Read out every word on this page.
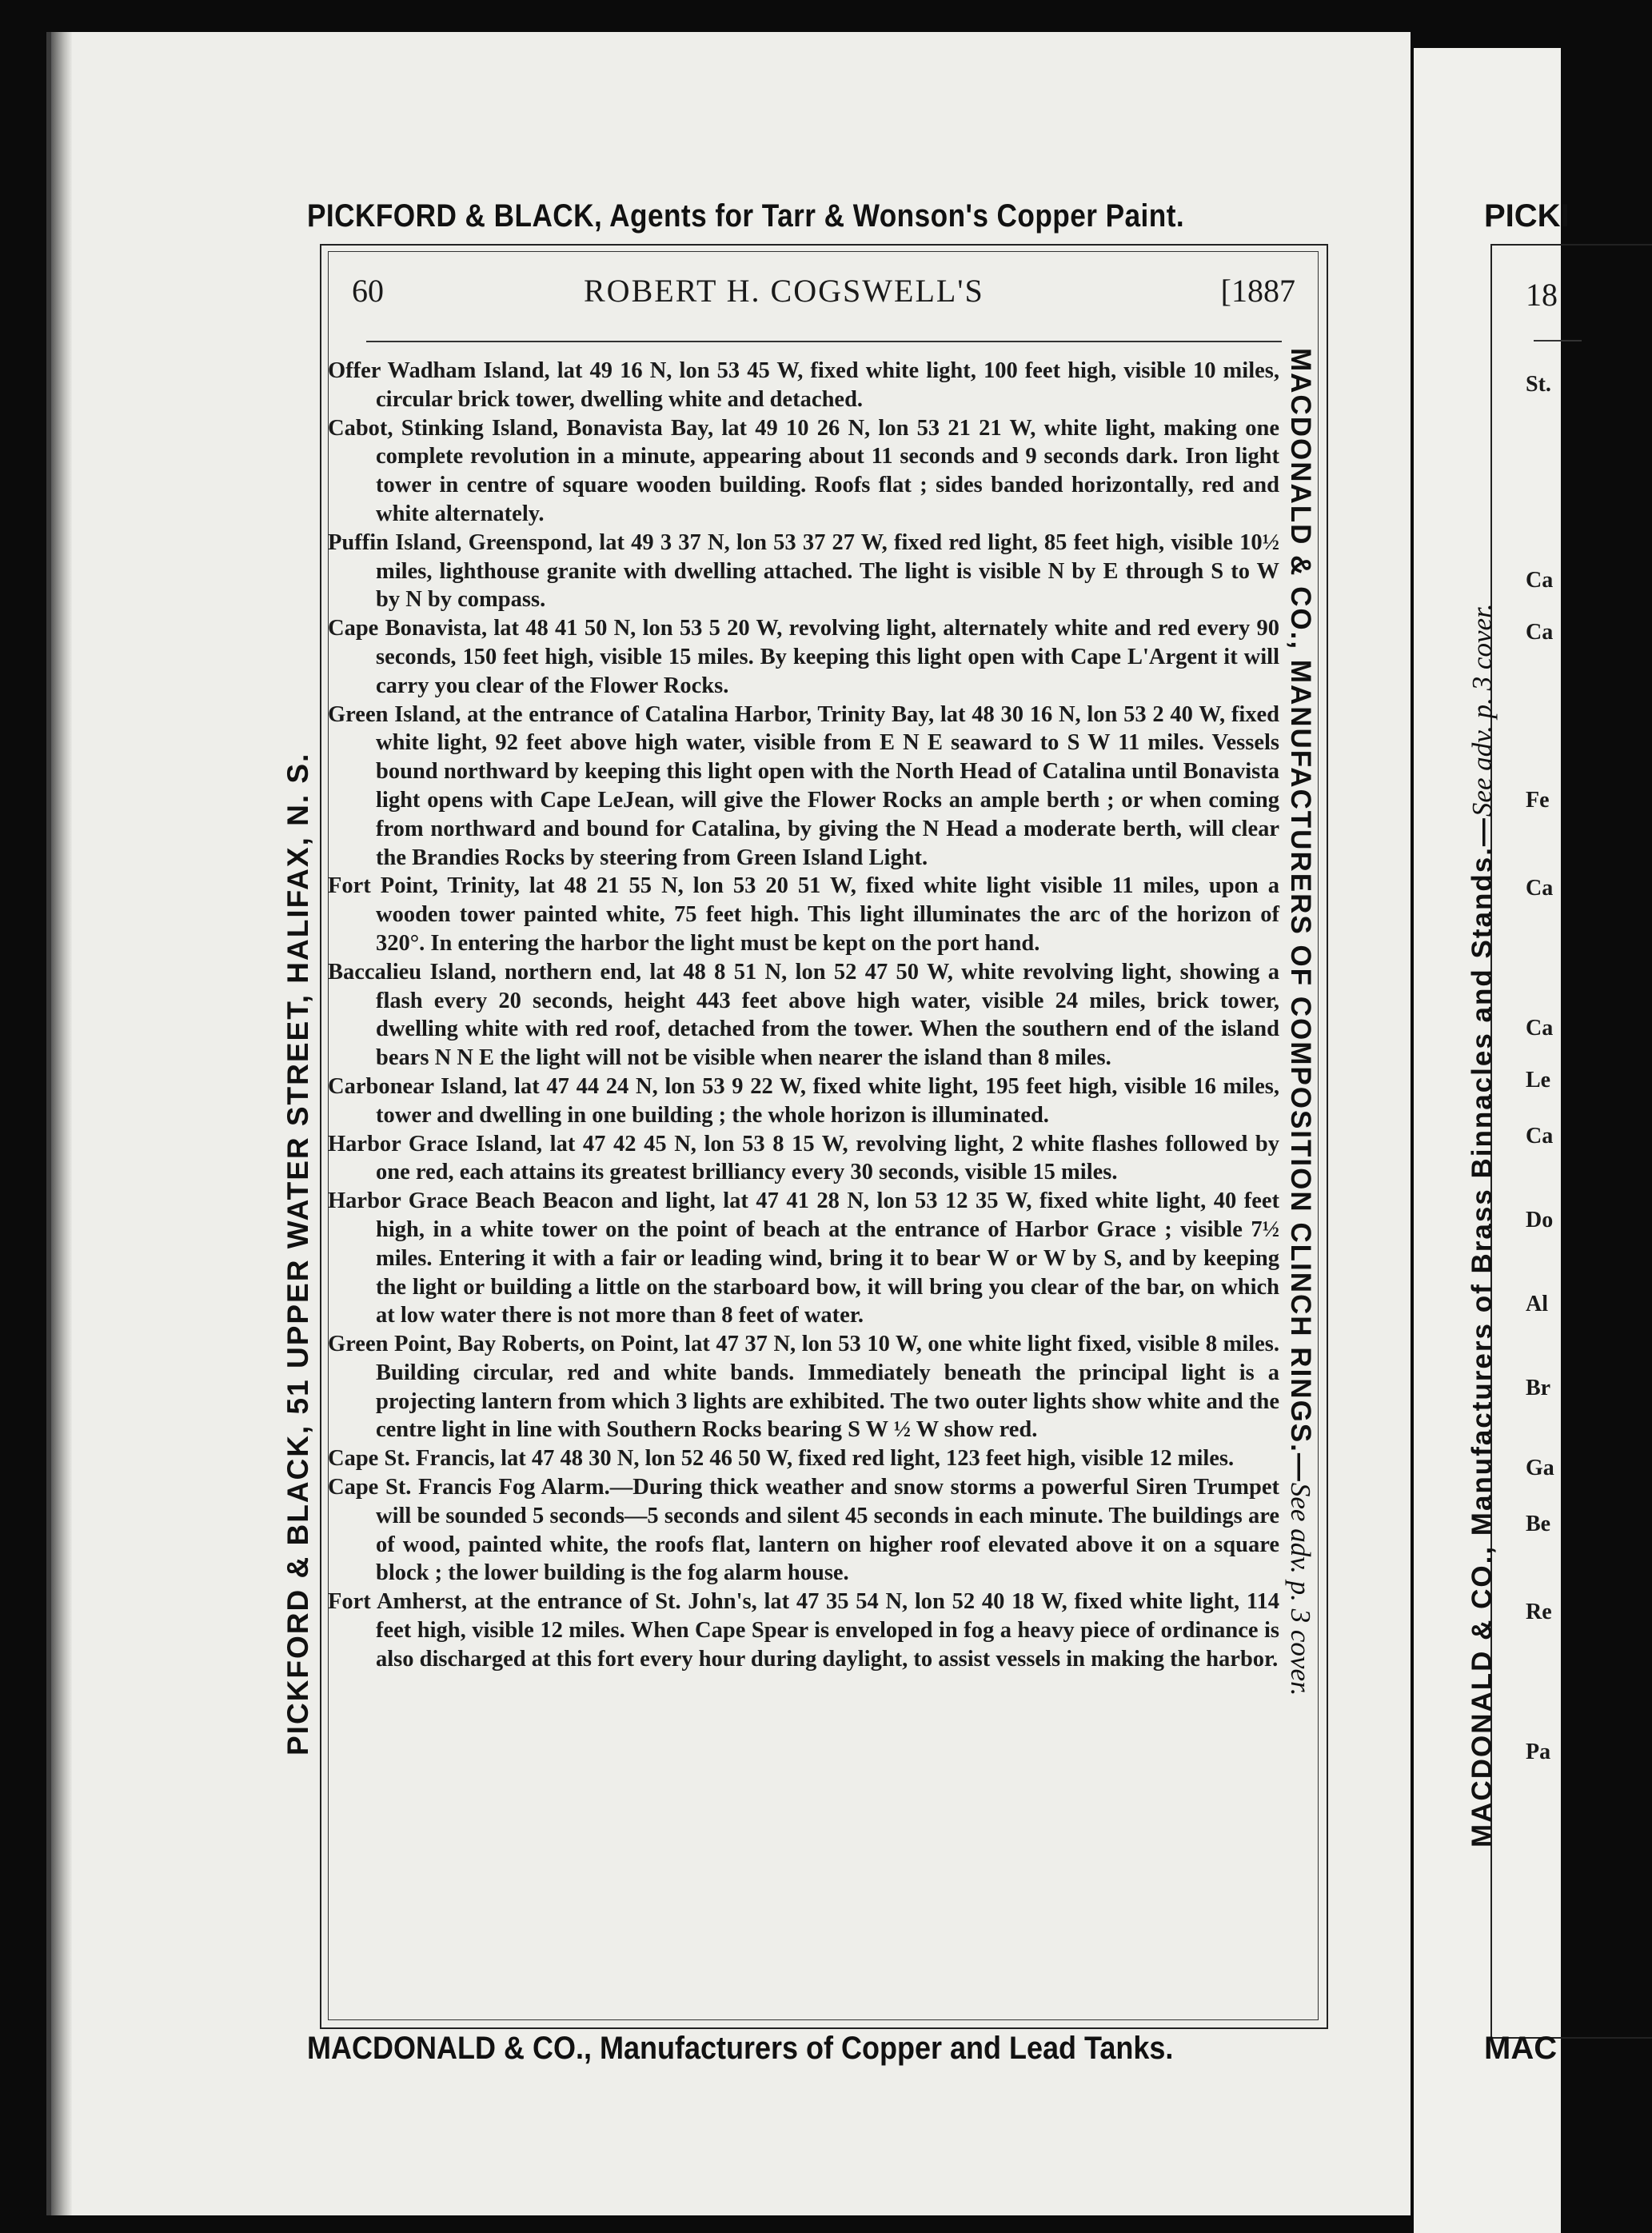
PICKFORD & BLACK, Agents for Tarr & Wonson's Copper Paint.
PICKFORD & BLACK, 51 UPPER WATER STREET, HALIFAX, N. S.	MACDONALD & CO., MANUFACTURERS OF COMPOSITION CLINCH RINGS.—See adv. p. 3 cover.
60	ROBERT H. COGSWELL'S	[1887

Offer Wadham Island, lat 49 16 N, lon 53 45 W, fixed white light, 100 feet high, visible 10 miles, circular brick tower, dwelling white and detached.

Cabot, Stinking Island, Bonavista Bay, lat 49 10 26 N, lon 53 21 21 W, white light, making one complete revolution in a minute, appearing about 11 seconds and 9 seconds dark. Iron light tower in centre of square wooden building. Roofs flat ; sides banded horizontally, red and white alternately.

Puffin Island, Greenspond, lat 49 3 37 N, lon 53 37 27 W, fixed red light, 85 feet high, visible 10½ miles, lighthouse granite with dwelling attached. The light is visible N by E through S to W by N by compass.

Cape Bonavista, lat 48 41 50 N, lon 53 5 20 W, revolving light, alternately white and red every 90 seconds, 150 feet high, visible 15 miles. By keeping this light open with Cape L'Argent it will carry you clear of the Flower Rocks.

Green Island, at the entrance of Catalina Harbor, Trinity Bay, lat 48 30 16 N, lon 53 2 40 W, fixed white light, 92 feet above high water, visible from E N E seaward to S W 11 miles. Vessels bound northward by keeping this light open with the North Head of Catalina until Bonavista light opens with Cape LeJean, will give the Flower Rocks an ample berth ; or when coming from northward and bound for Catalina, by giving the N Head a moderate berth, will clear the Brandies Rocks by steering from Green Island Light.

Fort Point, Trinity, lat 48 21 55 N, lon 53 20 51 W, fixed white light visible 11 miles, upon a wooden tower painted white, 75 feet high. This light illuminates the arc of the horizon of 320°. In entering the harbor the light must be kept on the port hand.

Baccalieu Island, northern end, lat 48 8 51 N, lon 52 47 50 W, white revolving light, showing a flash every 20 seconds, height 443 feet above high water, visible 24 miles, brick tower, dwelling white with red roof, detached from the tower. When the southern end of the island bears N N E the light will not be visible when nearer the island than 8 miles.

Carbonear Island, lat 47 44 24 N, lon 53 9 22 W, fixed white light, 195 feet high, visible 16 miles, tower and dwelling in one building ; the whole horizon is illuminated.

Harbor Grace Island, lat 47 42 45 N, lon 53 8 15 W, revolving light, 2 white flashes followed by one red, each attains its greatest brilliancy every 30 seconds, visible 15 miles.

Harbor Grace Beach Beacon and light, lat 47 41 28 N, lon 53 12 35 W, fixed white light, 40 feet high, in a white tower on the point of beach at the entrance of Harbor Grace ; visible 7½ miles. Entering it with a fair or leading wind, bring it to bear W or W by S, and by keeping the light or building a little on the starboard bow, it will bring you clear of the bar, on which at low water there is not more than 8 feet of water.

Green Point, Bay Roberts, on Point, lat 47 37 N, lon 53 10 W, one white light fixed, visible 8 miles. Building circular, red and white bands. Immediately beneath the principal light is a projecting lantern from which 3 lights are exhibited. The two outer lights show white and the centre light in line with Southern Rocks bearing S W ½ W show red.

Cape St. Francis, lat 47 48 30 N, lon 52 46 50 W, fixed red light, 123 feet high, visible 12 miles.

Cape St. Francis Fog Alarm.—During thick weather and snow storms a powerful Siren Trumpet will be sounded 5 seconds—5 seconds and silent 45 seconds in each minute. The buildings are of wood, painted white, the roofs flat, lantern on higher roof elevated above it on a square block ; the lower building is the fog alarm house.

Fort Amherst, at the entrance of St. John's, lat 47 35 54 N, lon 52 40 18 W, fixed white light, 114 feet high, visible 12 miles. When Cape Spear is enveloped in fog a heavy piece of ordinance is also discharged at this fort every hour during daylight, to assist vessels in making the harbor.

MACDONALD & CO., Manufacturers of Copper and Lead Tanks.
PICKI
18
MACDONALD & CO., Manufacturers of Brass Binnacles and Stands.—See adv. p. 3 cover.
St.
Ca
Ca
Fe
Ca
Ca
Le
Ca
Do
Al
Br
Ga
Be
Re
Pa
MAC
